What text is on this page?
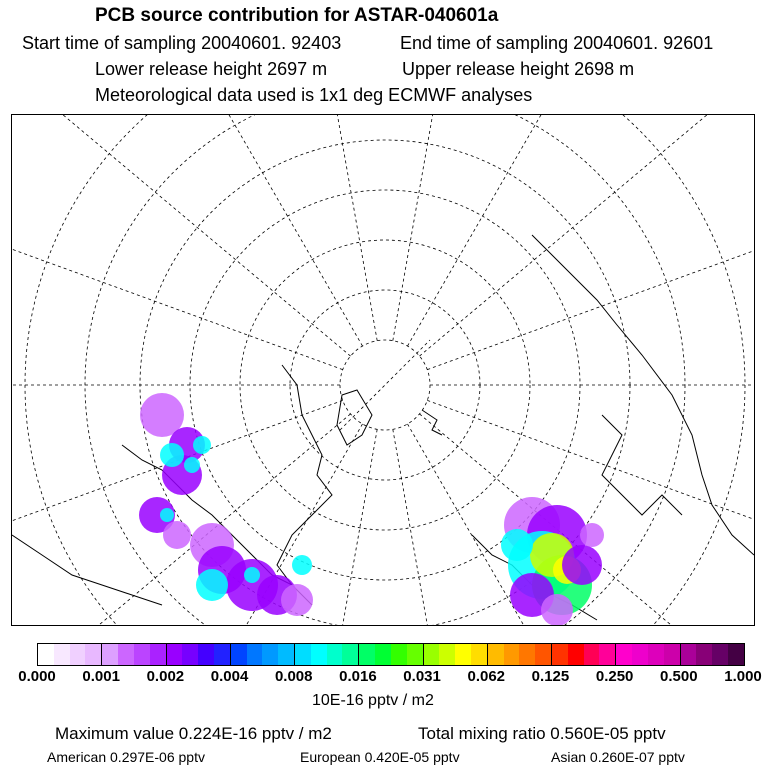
PCB source contribution for ASTAR-040601a
Start time of sampling 20040601. 92403	End time of sampling 20040601. 92601
Lower release height 2697 m	Upper release height 2698 m
Meteorological data used is 1x1 deg ECMWF analyses
0.000 0.001 0.002 0.004 0.008 0.016 0.031 0.062 0.125 0.250 0.500 1.000
10E-16 pptv / m2
Maximum value 0.224E-16 pptv / m2	Total mixing ratio 0.560E-05 pptv
American 0.297E-06 pptv	European 0.420E-05 pptv	Asian 0.260E-07 pptv
